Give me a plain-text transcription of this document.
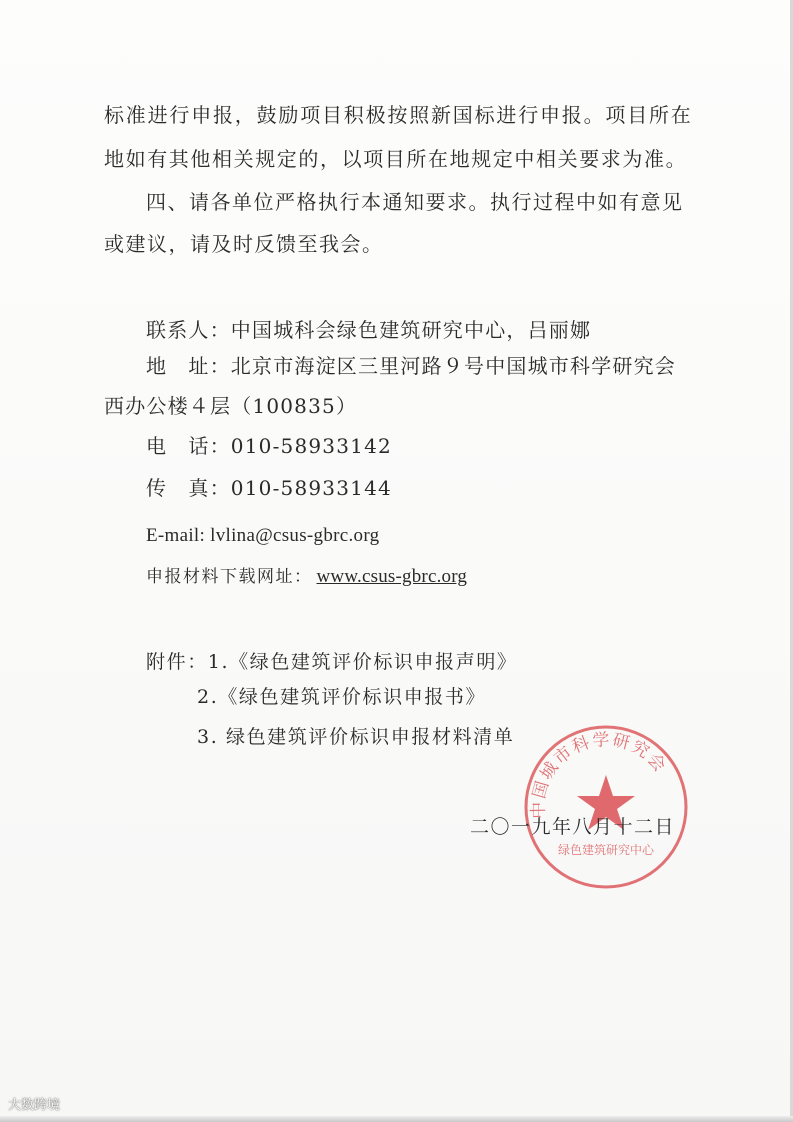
标准进行申报，鼓励项目积极按照新国标进行申报。项目所在
地如有其他相关规定的，以项目所在地规定中相关要求为准。
四、请各单位严格执行本通知要求。执行过程中如有意见
或建议，请及时反馈至我会。
联系人：中国城科会绿色建筑研究中心，吕丽娜
地　址：北京市海淀区三里河路９号中国城市科学研究会
西办公楼４层（100835）
电　话：010-58933142
传　真：010-58933144
E-mail: lvlina@csus-gbrc.org
申报材料下载网址： www.csus-gbrc.org
附件：1.《绿色建筑评价标识申报声明》
2.《绿色建筑评价标识申报书》
3. 绿色建筑评价标识申报材料清单
中国城市科学研究会
绿色建筑研究中心
二〇一九年八月十二日
大数跨境
